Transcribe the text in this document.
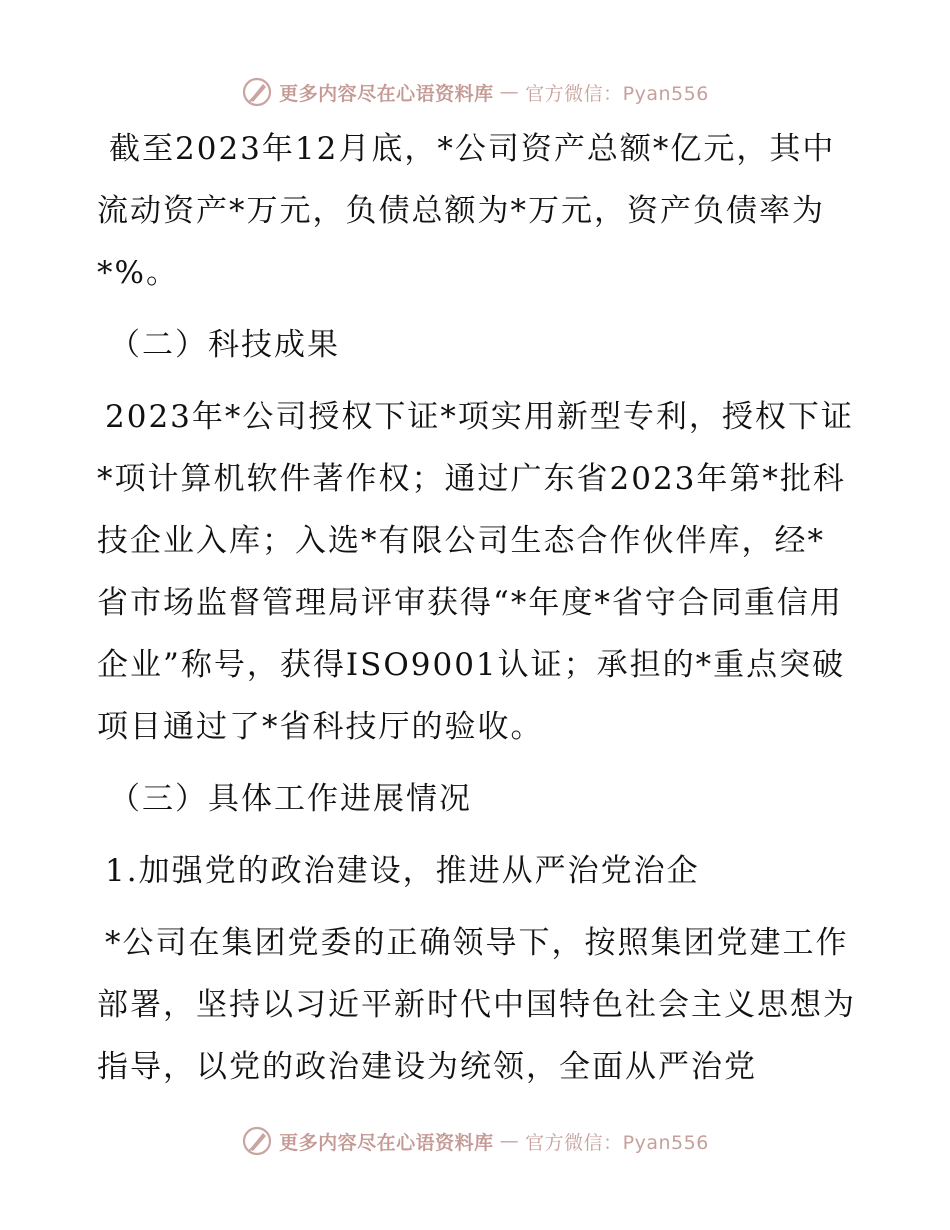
更多内容尽在心语资料库 — 官方微信：Pyan556

截至2023年12月底，*公司资产总额*亿元，其中流动资产*万元，负债总额为*万元，资产负债率为*%。

（二）科技成果

2023年*公司授权下证*项实用新型专利，授权下证*项计算机软件著作权；通过广东省2023年第*批科技企业入库；入选*有限公司生态合作伙伴库，经*省市场监督管理局评审获得“*年度*省守合同重信用企业”称号，获得ISO9001认证；承担的*重点突破项目通过了*省科技厅的验收。

（三）具体工作进展情况

1.加强党的政治建设，推进从严治党治企

*公司在集团党委的正确领导下，按照集团党建工作部署，坚持以习近平新时代中国特色社会主义思想为指导，以党的政治建设为统领，全面从严治党

更多内容尽在心语资料库 — 官方微信：Pyan556
